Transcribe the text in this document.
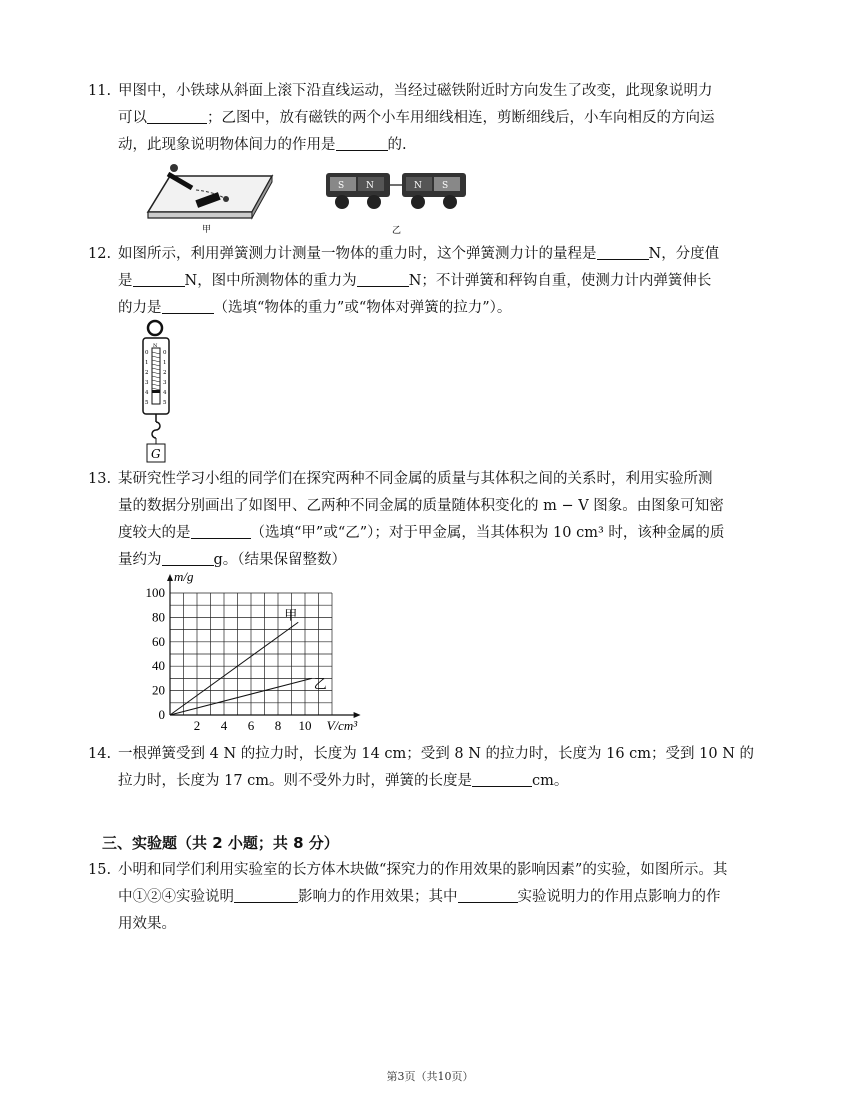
11. 甲图中，小铁球从斜面上滚下沿直线运动，当经过磁铁附近时方向发生了改变，此现象说明力

可以	；乙图中，放有磁铁的两个小车用细线相连，剪断细线后，小车向相反的方向运

动，此现象说明物体间力的作用是	的.

甲
S N	N S
乙
12. 如图所示，利用弹簧测力计测量一物体的重力时，这个弹簧测力计的量程是	N，分度值

是	N，图中所测物体的重力为	N；不计弹簧和秤钩自重，使测力计内弹簧伸长

的力是	（选填“物体的重力”或“物体对弹簧的拉力”）。

N
0
1
2
3
4
5
0
1
2
3
4
5
G
13. 某研究性学习小组的同学们在探究两种不同金属的质量与其体积之间的关系时，利用实验所测

量的数据分别画出了如图甲、乙两种不同金属的质量随体积变化的 m − V 图象。由图象可知密

度较大的是	（选填“甲”或“乙”）；对于甲金属，当其体积为 10 cm³ 时，该种金属的质

量约为	g。（结果保留整数）

0
20
40
60
80
100
2 4 6 8 10
m/g
V/cm³
甲
乙
14. 一根弹簧受到 4 N 的拉力时，长度为 14 cm；受到 8 N 的拉力时，长度为 16 cm；受到 10 N 的

拉力时，长度为 17 cm。则不受外力时，弹簧的长度是	cm。

三、实验题（共 2 小题；共 8 分）
15. 小明和同学们利用实验室的长方体木块做“探究力的作用效果的影响因素”的实验，如图所示。其

中①②④实验说明	影响力的作用效果；其中	实验说明力的作用点影响力的作

用效果。

第3页（共10页）
